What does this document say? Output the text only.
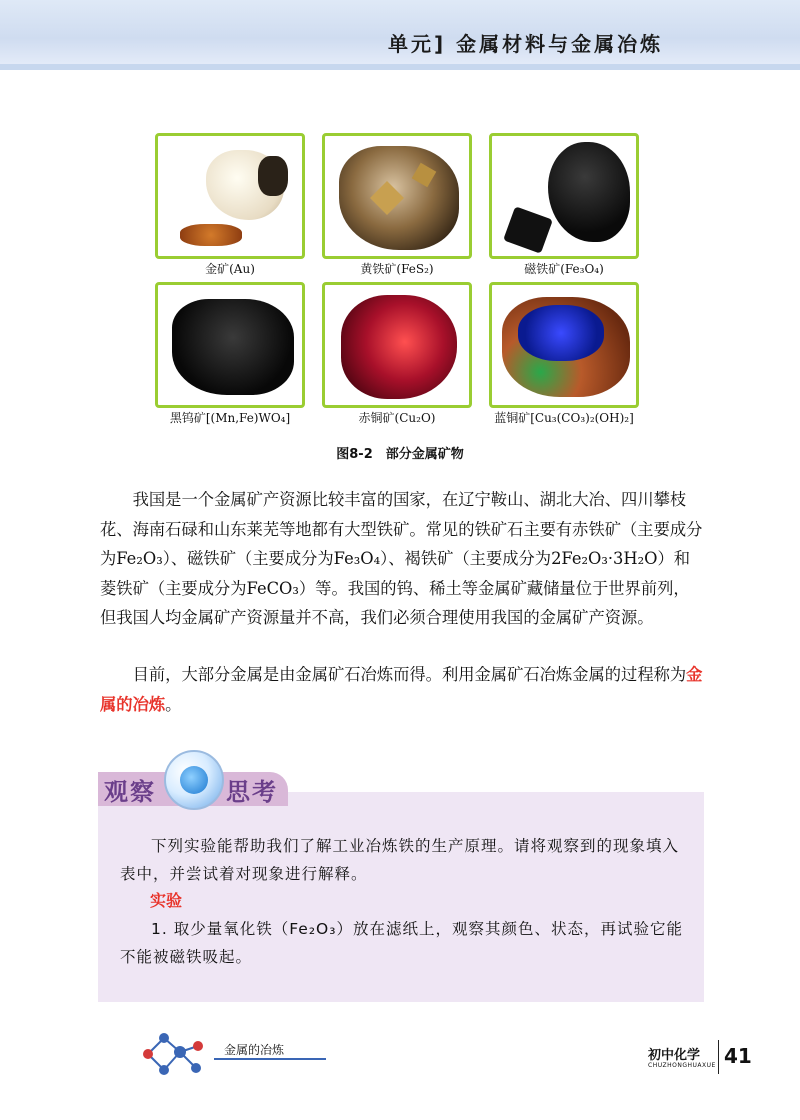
单元] 金属材料与金属冶炼
金矿(Au)	黄铁矿(FeS₂)	磁铁矿(Fe₃O₄)
黑钨矿[(Mn,Fe)WO₄]	赤铜矿(Cu₂O)	蓝铜矿[Cu₃(CO₃)₂(OH)₂]
图8-2　部分金属矿物
我国是一个金属矿产资源比较丰富的国家，在辽宁鞍山、湖北大冶、四川攀枝花、海南石碌和山东莱芜等地都有大型铁矿。常见的铁矿石主要有赤铁矿（主要成分为Fe₂O₃）、磁铁矿（主要成分为Fe₃O₄）、褐铁矿（主要成分为2Fe₂O₃·3H₂O）和菱铁矿（主要成分为FeCO₃）等。我国的钨、稀土等金属矿藏储量位于世界前列，但我国人均金属矿产资源量并不高，我们必须合理使用我国的金属矿产资源。
目前，大部分金属是由金属矿石冶炼而得。利用金属矿石冶炼金属的过程称为金属的冶炼。
观察	思考
下列实验能帮助我们了解工业冶炼铁的生产原理。请将观察到的现象填入表中，并尝试着对现象进行解释。
实验
1. 取少量氧化铁（Fe₂O₃）放在滤纸上，观察其颜色、状态，再试验它能不能被磁铁吸起。
金属的冶炼	初中化学
CHUZHONGHUAXUE 41
